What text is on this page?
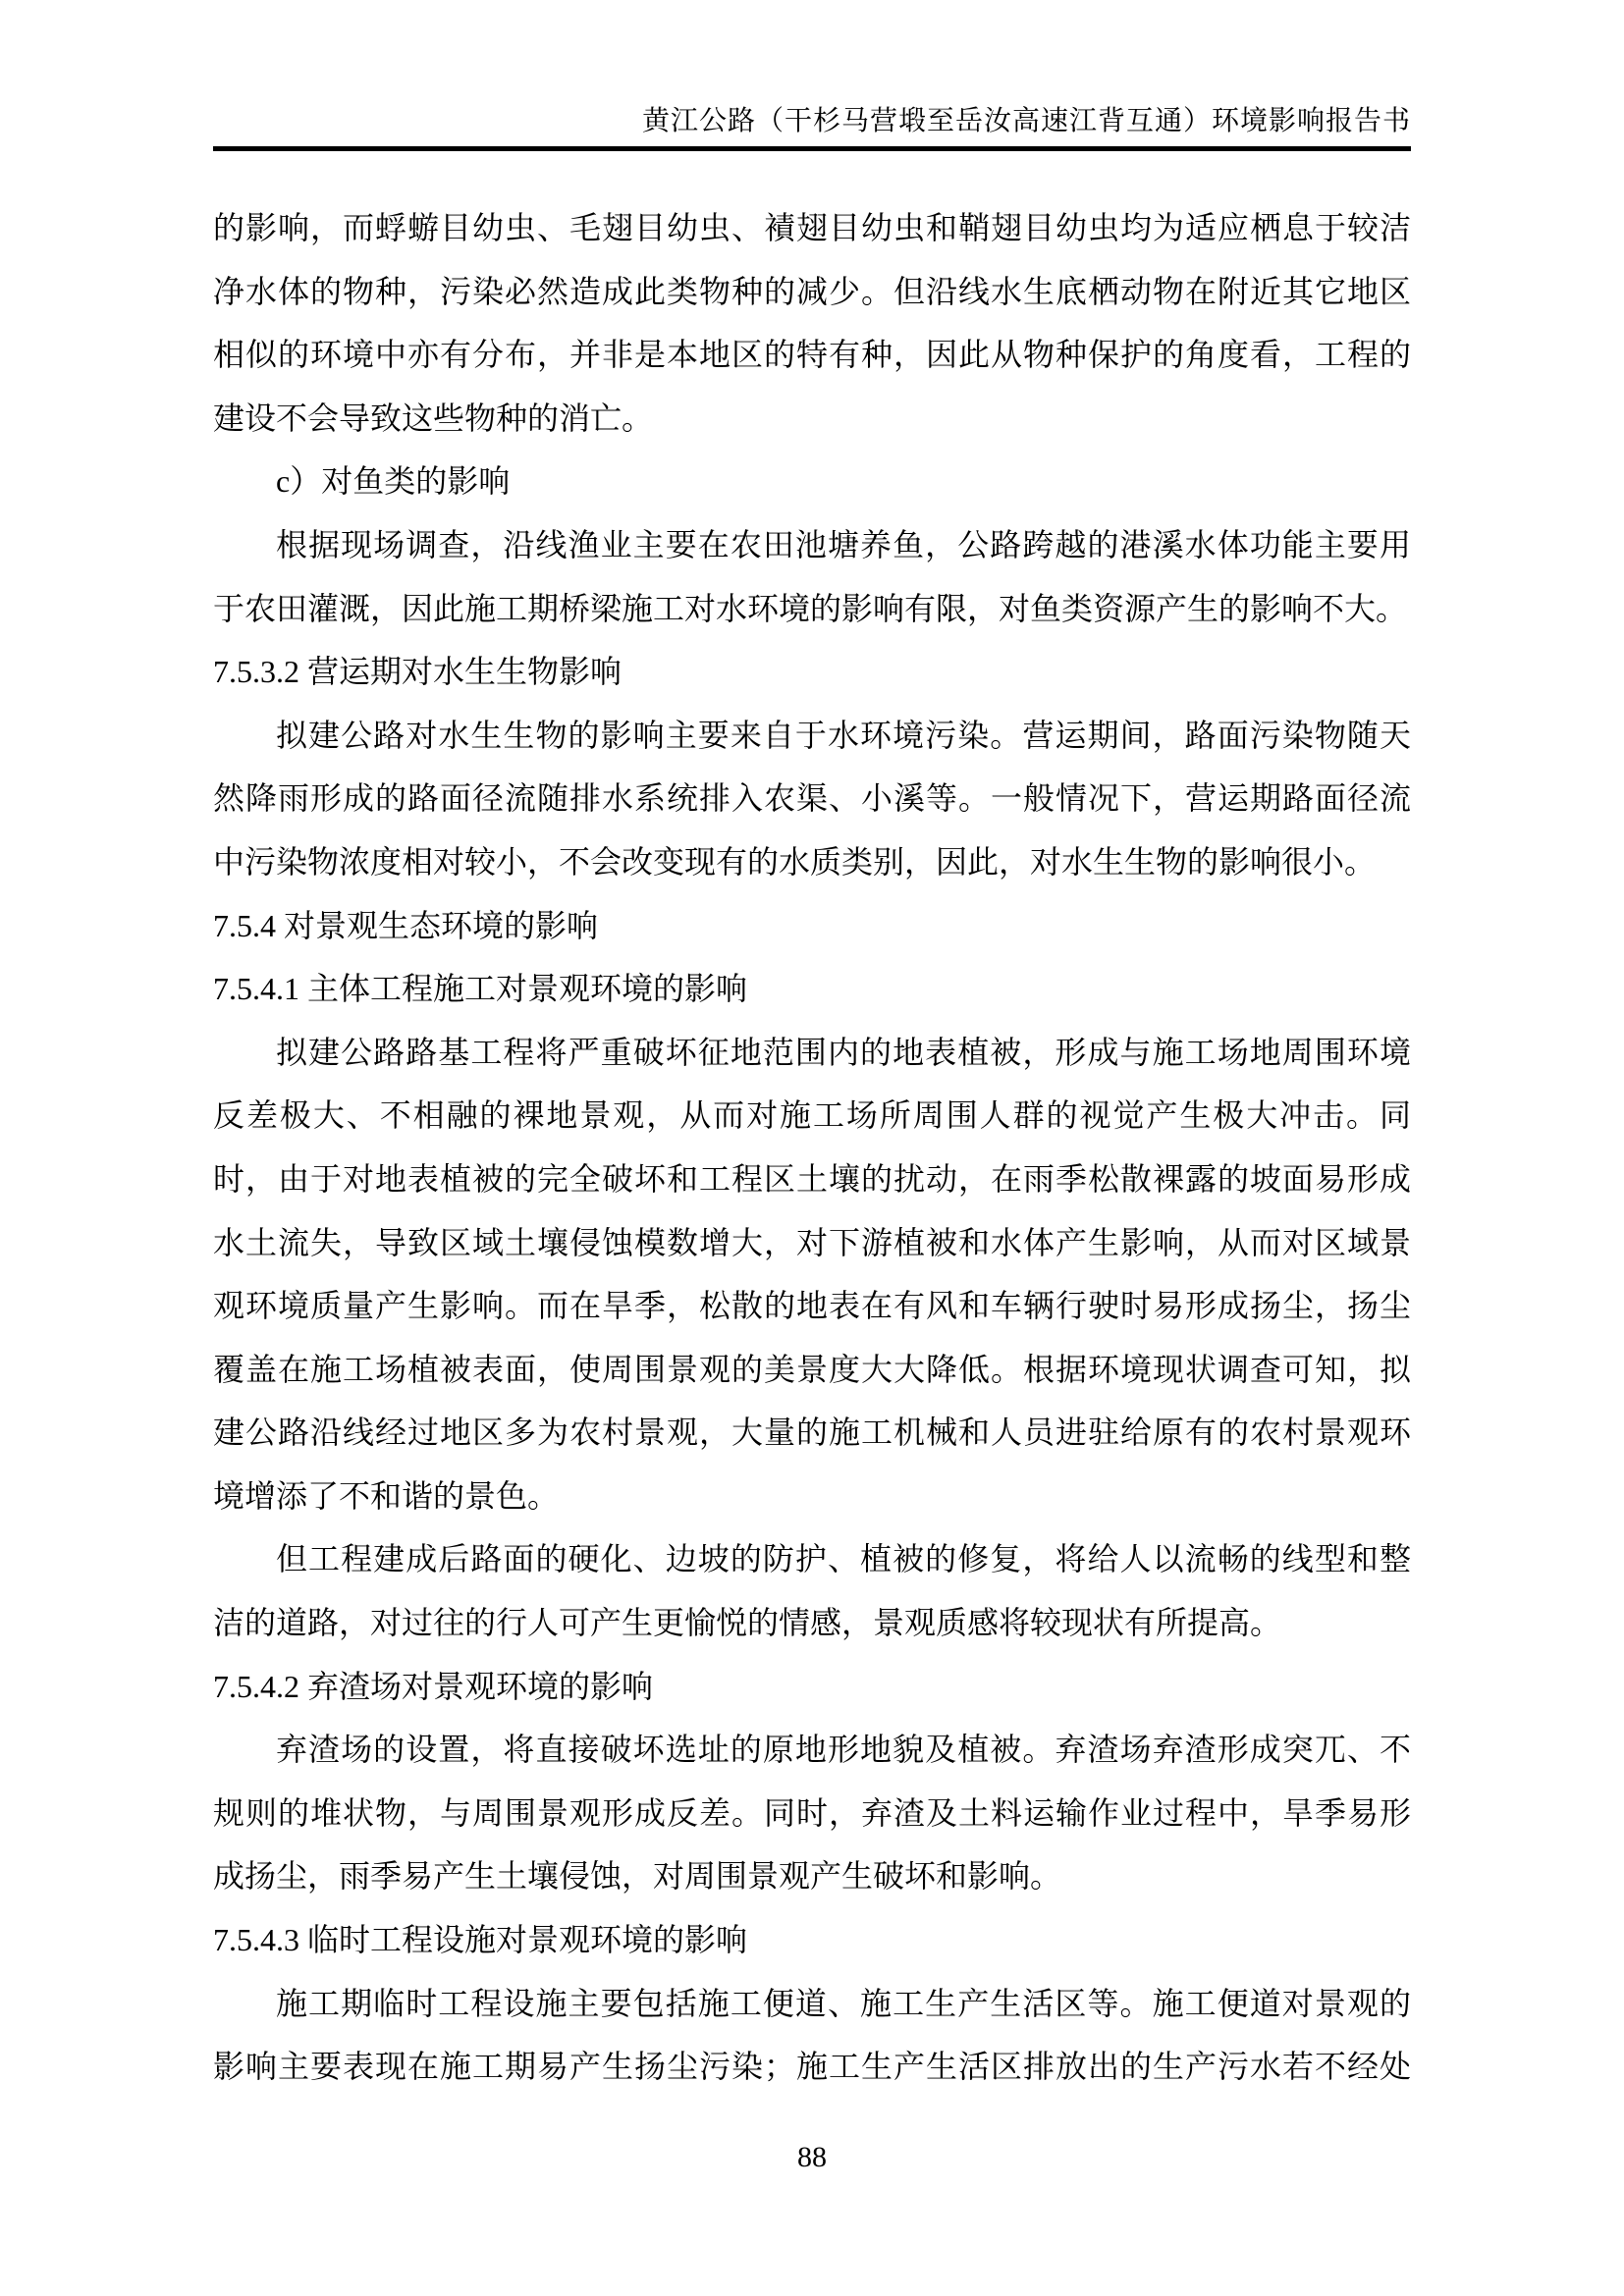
黄江公路（干杉马营塅至岳汝高速江背互通）环境影响报告书
的影响，而蜉蝣目幼虫、毛翅目幼虫、襀翅目幼虫和鞘翅目幼虫均为适应栖息于较洁
净水体的物种，污染必然造成此类物种的减少。但沿线水生底栖动物在附近其它地区
相似的环境中亦有分布，并非是本地区的特有种，因此从物种保护的角度看，工程的
建设不会导致这些物种的消亡。
c）对鱼类的影响
根据现场调查，沿线渔业主要在农田池塘养鱼，公路跨越的港溪水体功能主要用
于农田灌溉，因此施工期桥梁施工对水环境的影响有限，对鱼类资源产生的影响不大。
7.5.3.2 营运期对水生生物影响
拟建公路对水生生物的影响主要来自于水环境污染。营运期间，路面污染物随天
然降雨形成的路面径流随排水系统排入农渠、小溪等。一般情况下，营运期路面径流
中污染物浓度相对较小，不会改变现有的水质类别，因此，对水生生物的影响很小。
7.5.4 对景观生态环境的影响
7.5.4.1 主体工程施工对景观环境的影响
拟建公路路基工程将严重破坏征地范围内的地表植被，形成与施工场地周围环境
反差极大、不相融的裸地景观，从而对施工场所周围人群的视觉产生极大冲击。同
时，由于对地表植被的完全破坏和工程区土壤的扰动，在雨季松散裸露的坡面易形成
水土流失，导致区域土壤侵蚀模数增大，对下游植被和水体产生影响，从而对区域景
观环境质量产生影响。而在旱季，松散的地表在有风和车辆行驶时易形成扬尘，扬尘
覆盖在施工场植被表面，使周围景观的美景度大大降低。根据环境现状调查可知，拟
建公路沿线经过地区多为农村景观，大量的施工机械和人员进驻给原有的农村景观环
境增添了不和谐的景色。
但工程建成后路面的硬化、边坡的防护、植被的修复，将给人以流畅的线型和整
洁的道路，对过往的行人可产生更愉悦的情感，景观质感将较现状有所提高。
7.5.4.2 弃渣场对景观环境的影响
弃渣场的设置，将直接破坏选址的原地形地貌及植被。弃渣场弃渣形成突兀、不
规则的堆状物，与周围景观形成反差。同时，弃渣及土料运输作业过程中，旱季易形
成扬尘，雨季易产生土壤侵蚀，对周围景观产生破坏和影响。
7.5.4.3 临时工程设施对景观环境的影响
施工期临时工程设施主要包括施工便道、施工生产生活区等。施工便道对景观的
影响主要表现在施工期易产生扬尘污染；施工生产生活区排放出的生产污水若不经处
88
